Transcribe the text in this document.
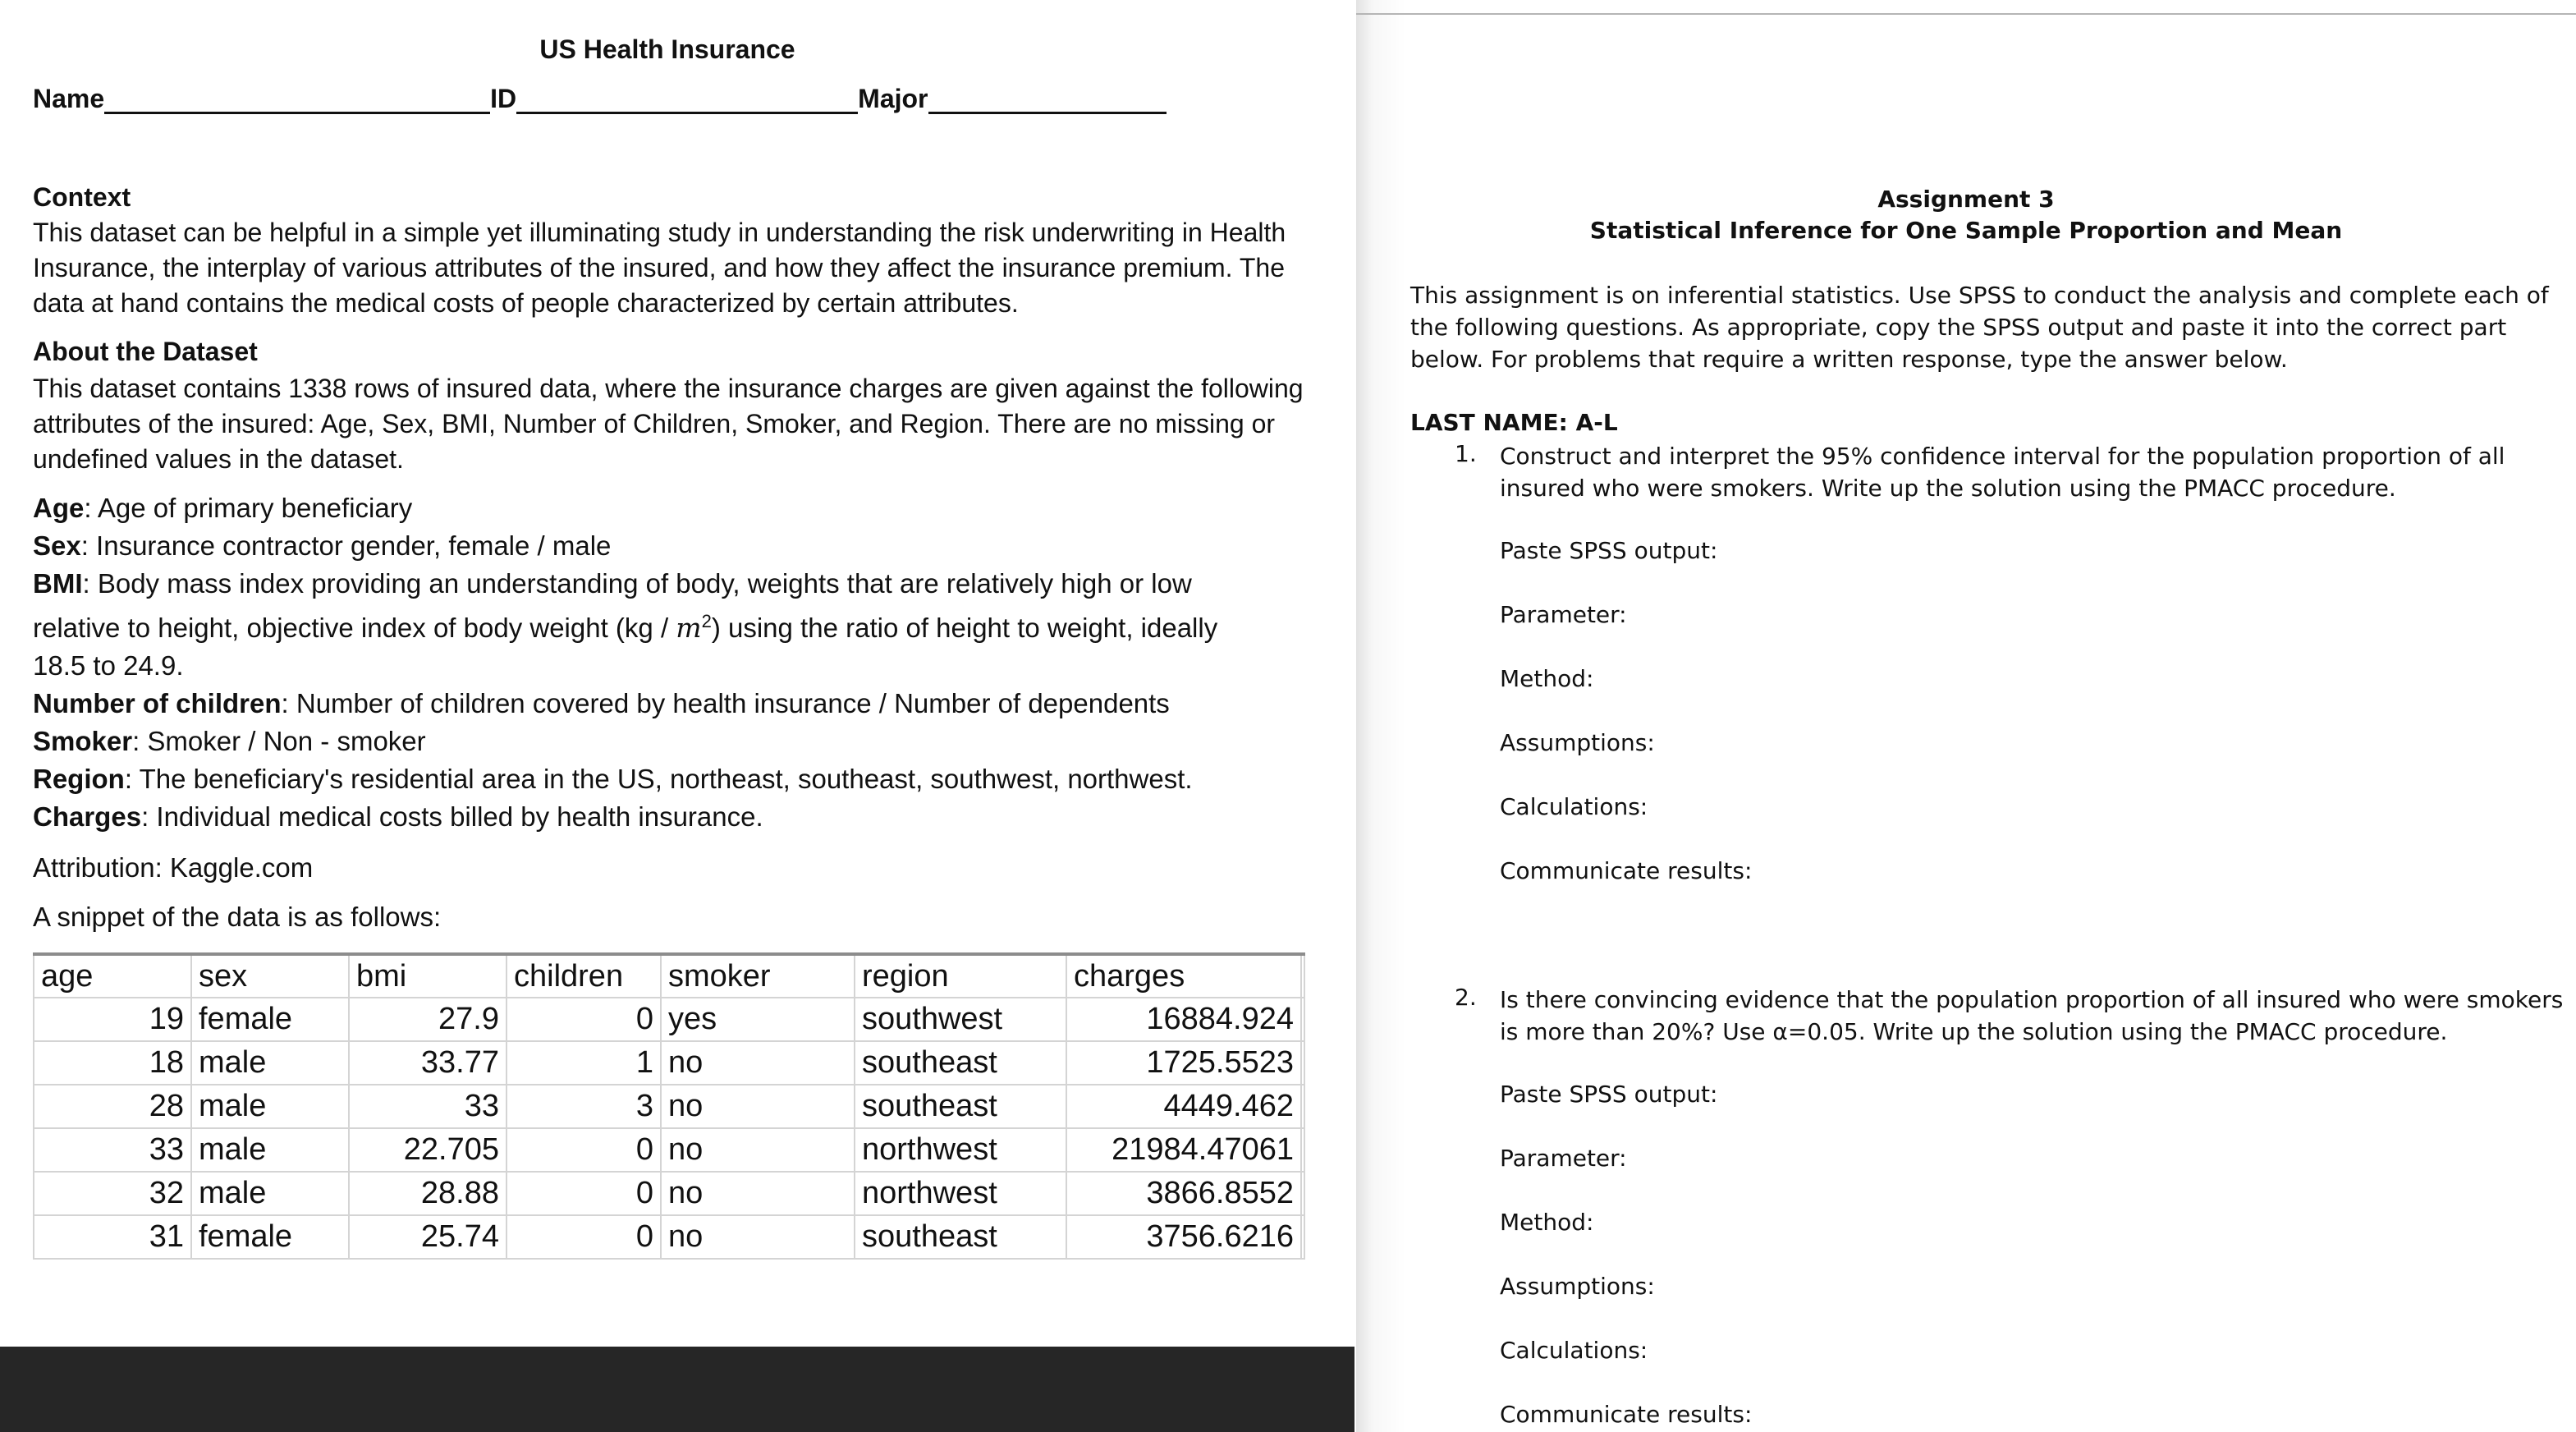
US Health Insurance
Name	ID	Major
Context
This dataset can be helpful in a simple yet illuminating study in understanding the risk underwriting in Health Insurance, the interplay of various attributes of the insured, and how they affect the insurance premium. The data at hand contains the medical costs of people characterized by certain attributes.
About the Dataset
This dataset contains 1338 rows of insured data, where the insurance charges are given against the following attributes of the insured: Age, Sex, BMI, Number of Children, Smoker, and Region. There are no missing or undefined values in the dataset.
Age: Age of primary beneficiary
Sex: Insurance contractor gender, female / male
BMI: Body mass index providing an understanding of body, weights that are relatively high or low
relative to height, objective index of body weight $(kg / m^2)$ using the ratio of height to weight, ideally
18.5 to 24.9.
Number of children: Number of children covered by health insurance / Number of dependents
Smoker: Smoker / Non - smoker
Region: The beneficiary's residential area in the US, northeast, southeast, southwest, northwest.
Charges: Individual medical costs billed by health insurance.
Attribution: Kaggle.com
A snippet of the data is as follows:
age	sex	bmi	children	smoker	region	charges	
19	female	27.9	0	yes	southwest	16884.924	
18	male	33.77	1	no	southeast	1725.5523	
28	male	33	3	no	southeast	4449.462	
33	male	22.705	0	no	northwest	21984.47061	
32	male	28.88	0	no	northwest	3866.8552	
31	female	25.74	0	no	southeast	3756.6216	
Assignment 3
Statistical Inference for One Sample Proportion and Mean
This assignment is on inferential statistics. Use SPSS to conduct the analysis and complete each of the following questions. As appropriate, copy the SPSS output and paste it into the correct part below. For problems that require a written response, type the answer below.
LAST NAME: A-L
1. Construct and interpret the 95% confidence interval for the population proportion of all insured who were smokers. Write up the solution using the PMACC procedure.
Paste SPSS output:
Parameter:
Method:
Assumptions:
Calculations:
Communicate results:
2. Is there convincing evidence that the population proportion of all insured who were smokers is more than 20%? Use α=0.05. Write up the solution using the PMACC procedure.
Paste SPSS output:
Parameter:
Method:
Assumptions:
Calculations:
Communicate results:
